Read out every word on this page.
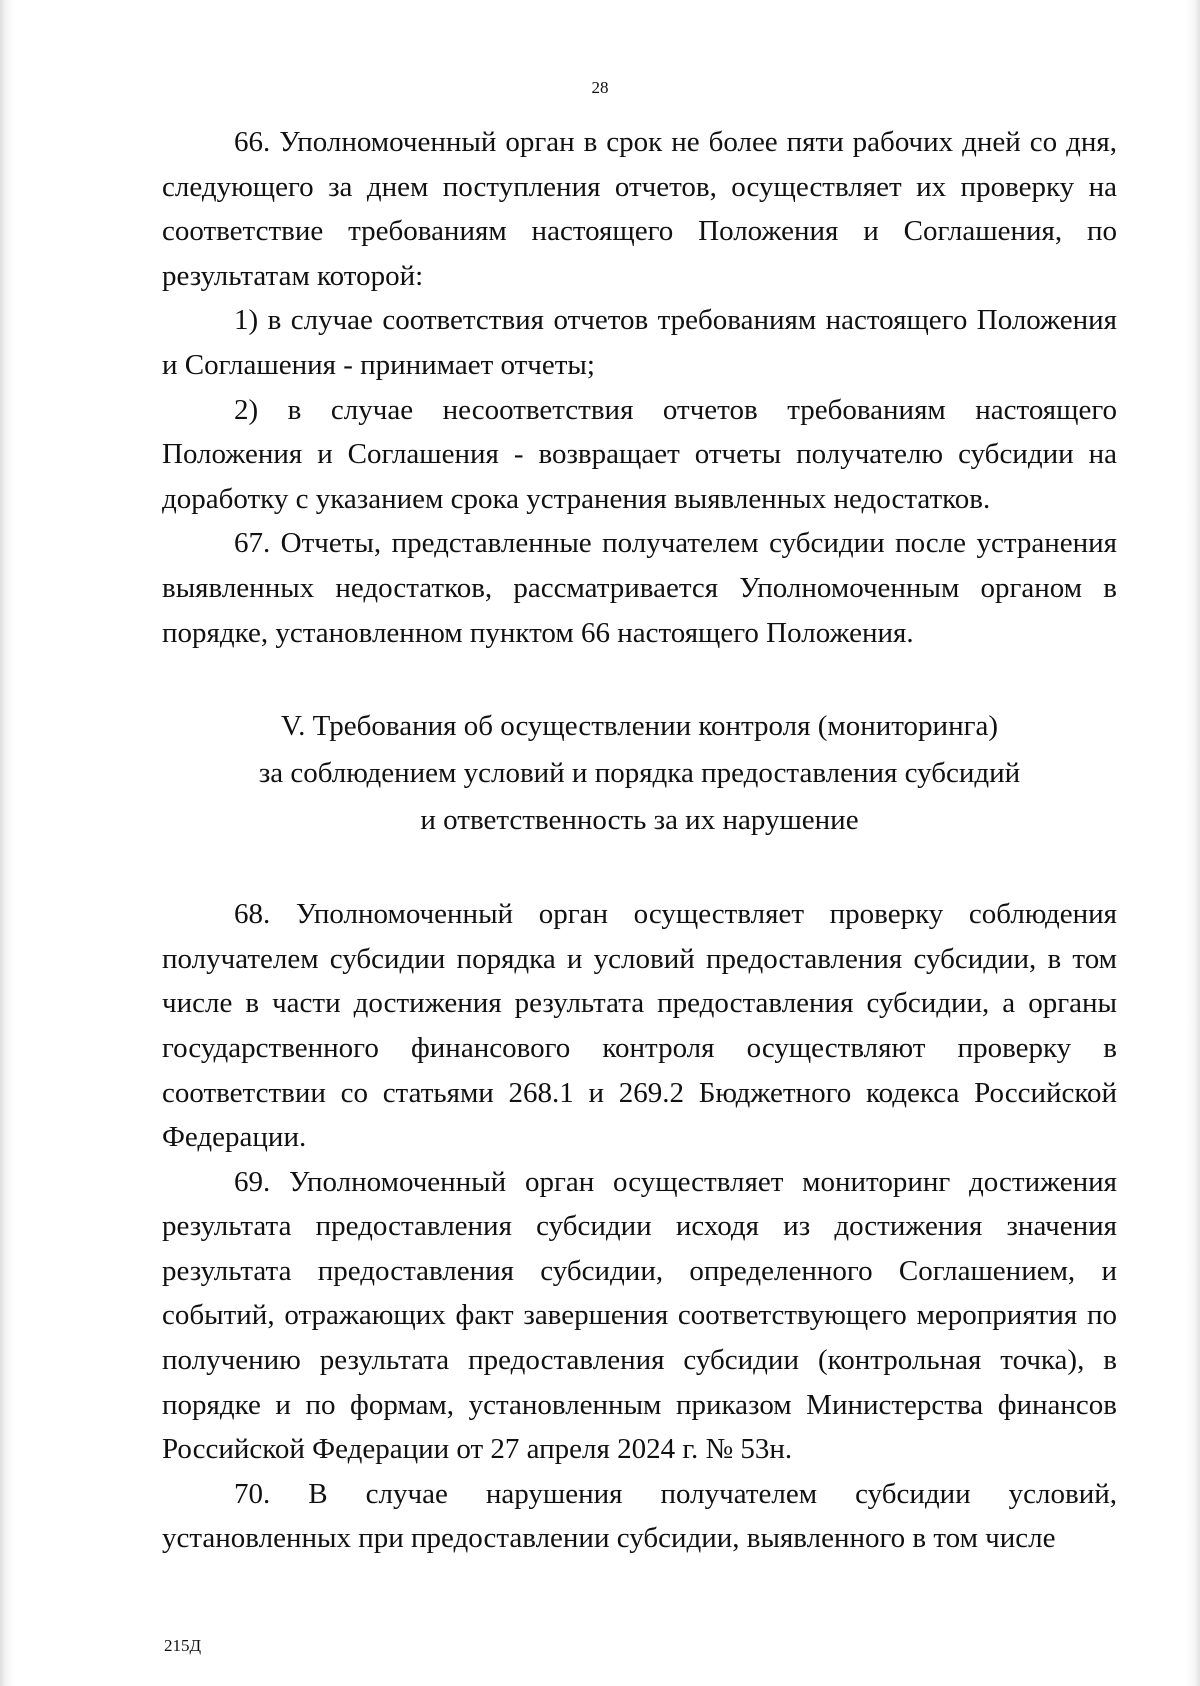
28

66. Уполномоченный орган в срок не более пяти рабочих дней со дня, следующего за днем поступления отчетов, осуществляет их проверку на соответствие требованиям настоящего Положения и Соглашения, по результатам которой:

1) в случае соответствия отчетов требованиям настоящего Положения и Соглашения - принимает отчеты;

2) в случае несоответствия отчетов требованиям настоящего Положения и Соглашения - возвращает отчеты получателю субсидии на доработку с указанием срока устранения выявленных недостатков.

67. Отчеты, представленные получателем субсидии после устранения выявленных недостатков, рассматривается Уполномоченным органом в порядке, установленном пунктом 66 настоящего Положения.

V. Требования об осуществлении контроля (мониторинга)
за соблюдением условий и порядка предоставления субсидий
и ответственность за их нарушение

68. Уполномоченный орган осуществляет проверку соблюдения получателем субсидии порядка и условий предоставления субсидии, в том числе в части достижения результата предоставления субсидии, а органы государственного финансового контроля осуществляют проверку в соответствии со статьями 268.1 и 269.2 Бюджетного кодекса Российской Федерации.

69. Уполномоченный орган осуществляет мониторинг достижения результата предоставления субсидии исходя из достижения значения результата предоставления субсидии, определенного Соглашением, и событий, отражающих факт завершения соответствующего мероприятия по получению результата предоставления субсидии (контрольная точка), в порядке и по формам, установленным приказом Министерства финансов Российской Федерации от 27 апреля 2024 г. № 53н.

70. В случае нарушения получателем субсидии условий, установленных при предоставлении субсидии, выявленного в том числе

215Д
